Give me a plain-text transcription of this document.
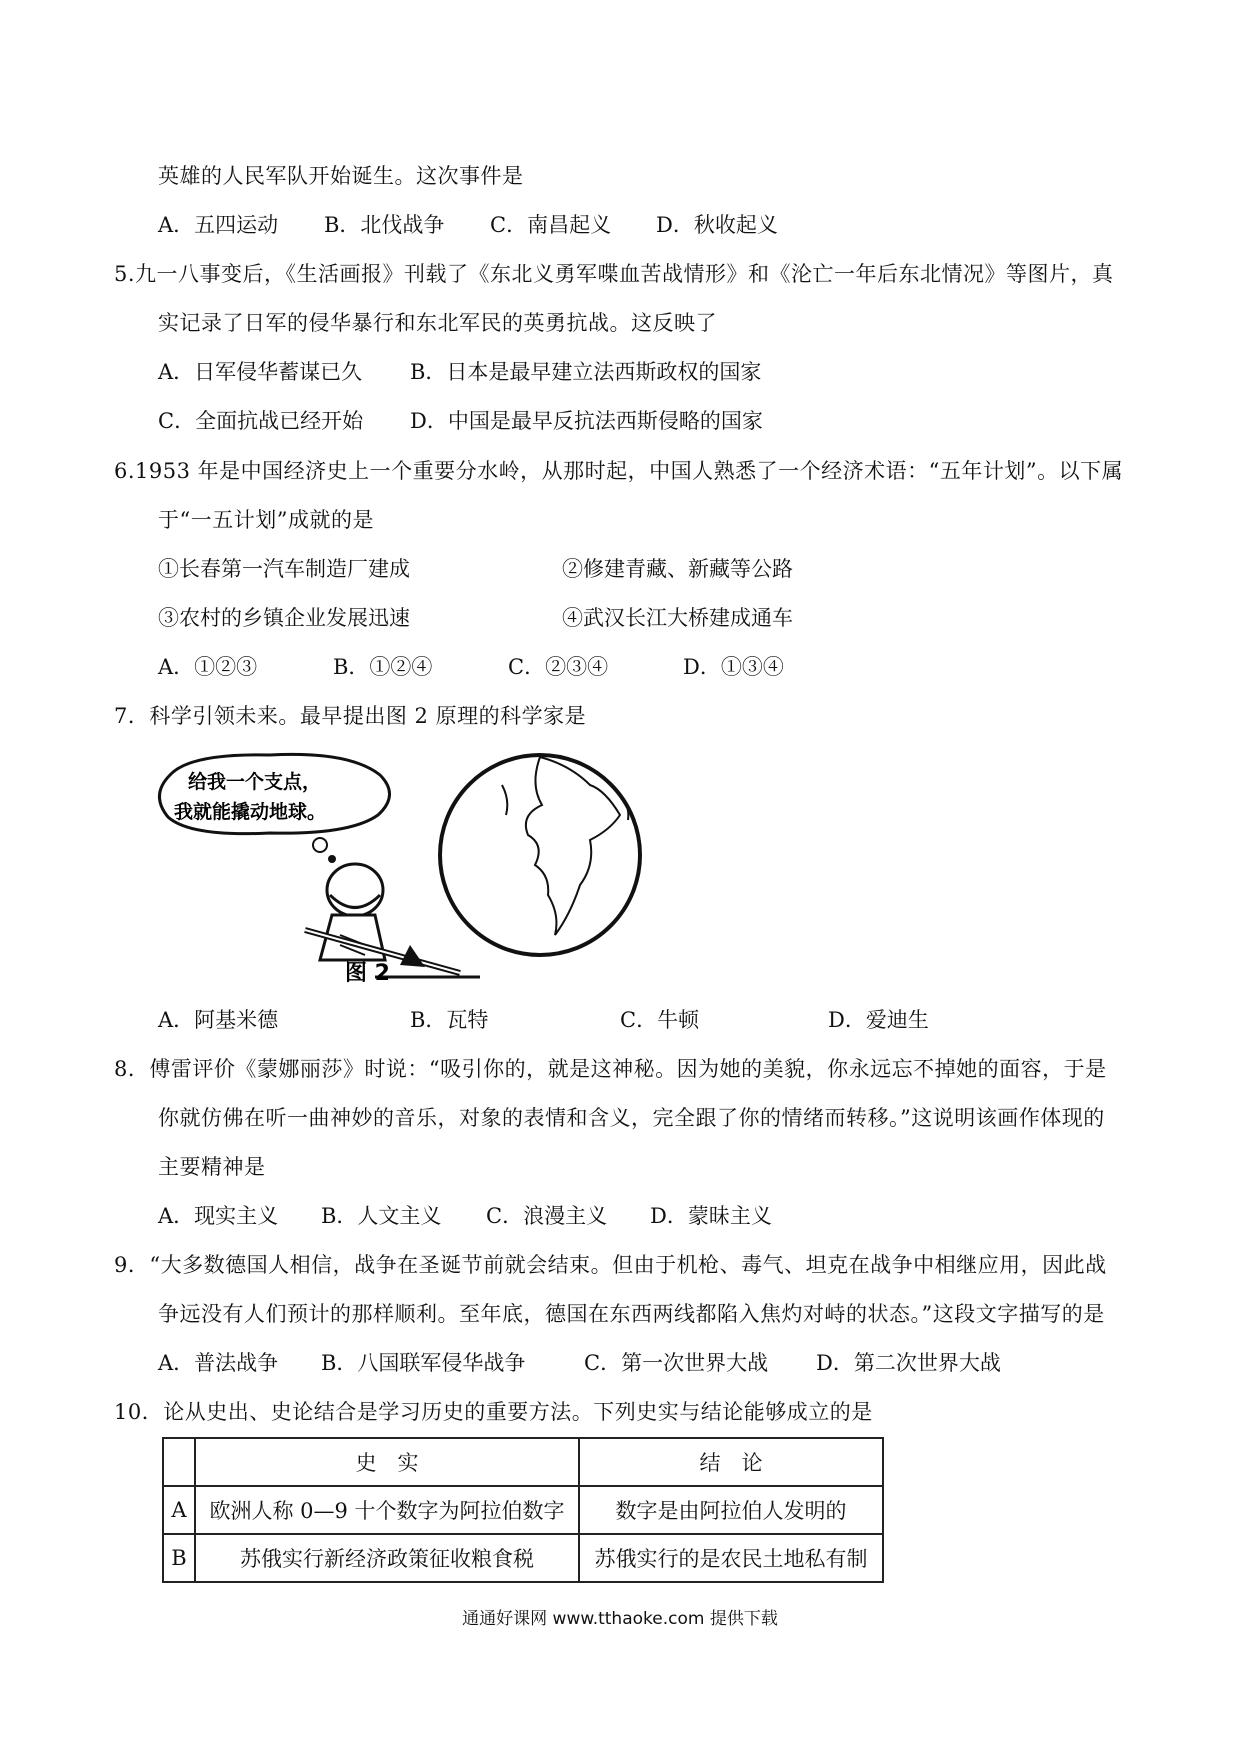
英雄的人民军队开始诞生。这次事件是
A．五四运动 B．北伐战争 C．南昌起义 D．秋收起义
5.九一八事变后，《生活画报》刊载了《东北义勇军喋血苦战情形》和《沦亡一年后东北情况》等图片，真
实记录了日军的侵华暴行和东北军民的英勇抗战。这反映了
A．日军侵华蓄谋已久 B．日本是最早建立法西斯政权的国家
C．全面抗战已经开始 D．中国是最早反抗法西斯侵略的国家
6.1953 年是中国经济史上一个重要分水岭，从那时起，中国人熟悉了一个经济术语：“五年计划”。以下属
于“一五计划”成就的是
①长春第一汽车制造厂建成	②修建青藏、新藏等公路
③农村的乡镇企业发展迅速	④武汉长江大桥建成通车
A．①②③	B．①②④	C．②③④	D．①③④
7．科学引领未来。最早提出图 2 原理的科学家是
给我一个支点，
我就能撬动地球。
图 2
A．阿基米德	B．瓦特	C．牛顿	D．爱迪生
8．傅雷评价《蒙娜丽莎》时说：“吸引你的，就是这神秘。因为她的美貌，你永远忘不掉她的面容，于是
你就仿佛在听一曲神妙的音乐，对象的表情和含义，完全跟了你的情绪而转移。”这说明该画作体现的
主要精神是
A．现实主义 B．人文主义 C．浪漫主义 D．蒙昧主义
9．“大多数德国人相信，战争在圣诞节前就会结束。但由于机枪、毒气、坦克在战争中相继应用，因此战
争远没有人们预计的那样顺利。至年底，德国在东西两线都陷入焦灼对峙的状态。”这段文字描写的是
A．普法战争 B．八国联军侵华战争	C．第一次世界大战 D．第二次世界大战
10．论从史出、史论结合是学习历史的重要方法。下列史实与结论能够成立的是
	史　实	结　论
A	欧洲人称 0—9 十个数字为阿拉伯数字	数字是由阿拉伯人发明的
B	苏俄实行新经济政策征收粮食税	苏俄实行的是农民土地私有制
通通好课网 www.tthaoke.com 提供下载
